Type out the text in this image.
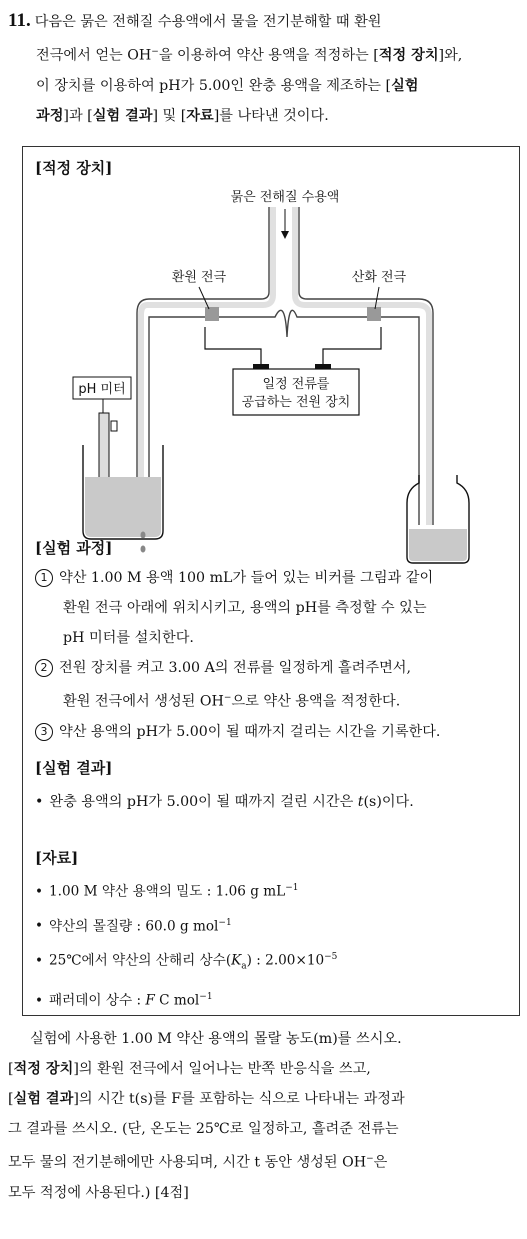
11. 다음은 묽은 전해질 수용액에서 물을 전기분해할 때 환원
전극에서 얻는 OH−을 이용하여 약산 용액을 적정하는 [적정 장치]와,
이 장치를 이용하여 pH가 5.00인 완충 용액을 제조하는 [실험
과정]과 [실험 결과] 및 [자료]를 나타낸 것이다.
[적정 장치]
묽은 전해질 수용액
환원 전극	산화 전극
일정 전류를
공급하는 전원 장치
pH 미터
[실험 과정]
1 약산 1.00 M 용액 100 mL가 들어 있는 비커를 그림과 같이
환원 전극 아래에 위치시키고, 용액의 pH를 측정할 수 있는
pH 미터를 설치한다.
2 전원 장치를 켜고 3.00 A의 전류를 일정하게 흘려주면서,
환원 전극에서 생성된 OH−으로 약산 용액을 적정한다.
3 약산 용액의 pH가 5.00이 될 때까지 걸리는 시간을 기록한다.
[실험 결과]
• 완충 용액의 pH가 5.00이 될 때까지 걸린 시간은 t(s)이다.
[자료]
• 1.00 M 약산 용액의 밀도 : 1.06 g $mL^{-1}$
• 약산의 몰질량 : 60.0 g mol$^{-1}$
• 25℃에서 약산의 산해리 상수$(K_a)$ : $2.00\times 10^{-5}$
• 패러데이 상수 : F C mol$^{-1}$
실험에 사용한 1.00 M 약산 용액의 몰랄 농도(m)를 쓰시오.
[적정 장치]의 환원 전극에서 일어나는 반쪽 반응식을 쓰고,
[실험 결과]의 시간 t(s)를 F를 포함하는 식으로 나타내는 과정과
그 결과를 쓰시오. (단, 온도는 25℃로 일정하고, 흘려준 전류는
모두 물의 전기분해에만 사용되며, 시간 t 동안 생성된 OH−은
모두 적정에 사용된다.) [4점]
